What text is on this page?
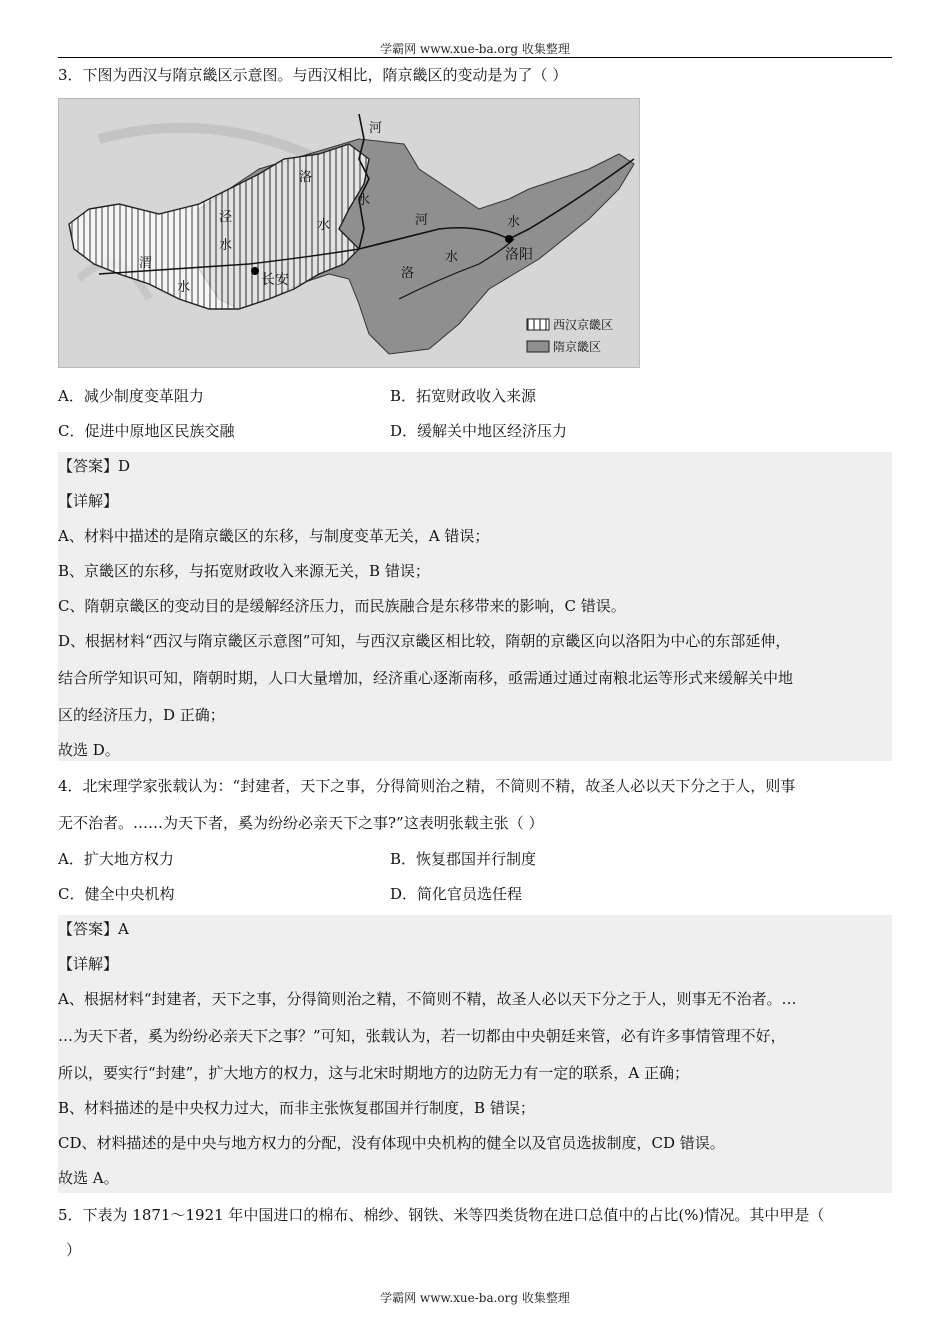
学霸网 www.xue-ba.org 收集整理
3．下图为西汉与隋京畿区示意图。与西汉相比，隋京畿区的变动是为了（ ）
河
洛
水
泾
水
水
渭
水
河	水
洛
水
长安
洛阳
西汉京畿区
隋京畿区
A．减少制度变革阻力	B．拓宽财政收入来源
C．促进中原地区民族交融	D．缓解关中地区经济压力
【答案】D
【详解】
A、材料中描述的是隋京畿区的东移，与制度变革无关，A 错误；
B、京畿区的东移，与拓宽财政收入来源无关，B 错误；
C、隋朝京畿区的变动目的是缓解经济压力，而民族融合是东移带来的影响，C 错误。
D、根据材料“西汉与隋京畿区示意图”可知，与西汉京畿区相比较，隋朝的京畿区向以洛阳为中心的东部延伸，
结合所学知识可知，隋朝时期，人口大量增加，经济重心逐渐南移，亟需通过通过南粮北运等形式来缓解关中地
区的经济压力，D 正确；
故选 D。
4．北宋理学家张载认为：“封建者，天下之事，分得简则治之精，不简则不精，故圣人必以天下分之于人，则事
无不治者。……为天下者，奚为纷纷必亲天下之事?”这表明张载主张（ ）
A．扩大地方权力	B．恢复郡国并行制度
C．健全中央机构	D．简化官员选任程
【答案】A
【详解】
A、根据材料“封建者，天下之事，分得简则治之精，不简则不精，故圣人必以天下分之于人，则事无不治者。…
…为天下者，奚为纷纷必亲天下之事？”可知，张载认为，若一切都由中央朝廷来管，必有许多事情管理不好，
所以，要实行“封建”，扩大地方的权力，这与北宋时期地方的边防无力有一定的联系，A 正确；
B、材料描述的是中央权力过大，而非主张恢复郡国并行制度，B 错误；
CD、材料描述的是中央与地方权力的分配，没有体现中央机构的健全以及官员选拔制度，CD 错误。
故选 A。
5．下表为 1871～1921 年中国进口的棉布、棉纱、钢铁、米等四类货物在进口总值中的占比(%)情况。其中甲是（
）
学霸网 www.xue-ba.org 收集整理
